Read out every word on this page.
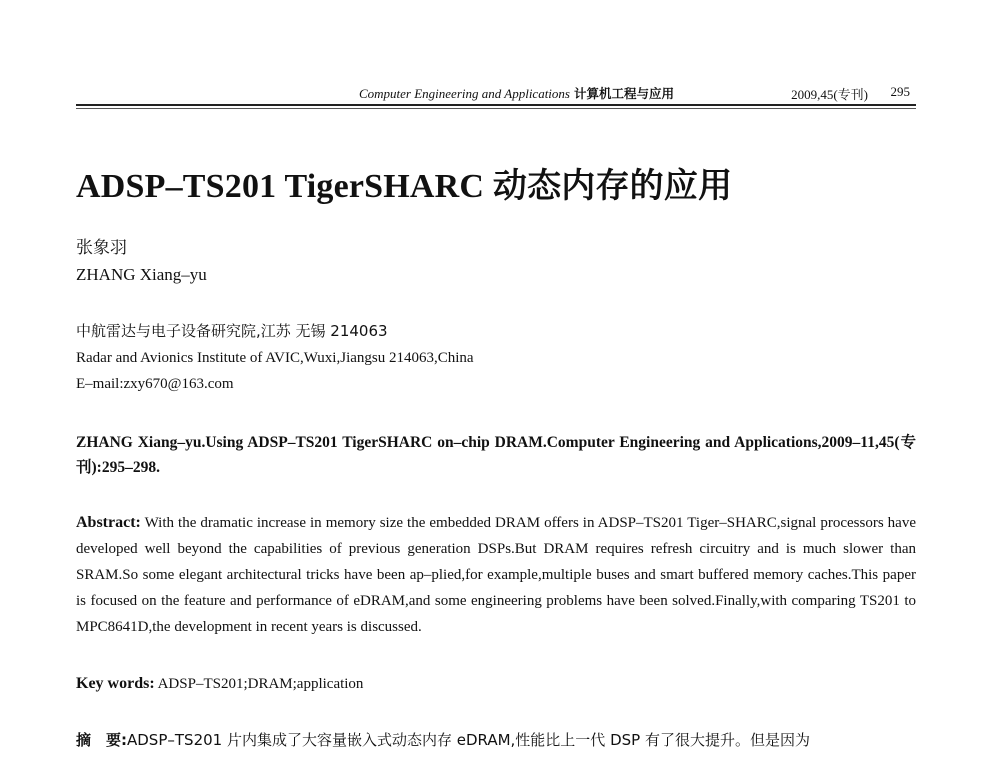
Computer Engineering and Applications 计算机工程与应用	2009,45(专刊) 295
ADSP–TS201 TigerSHARC 动态内存的应用
张象羽
ZHANG Xiang–yu
中航雷达与电子设备研究院,江苏 无锡 214063
Radar and Avionics Institute of AVIC,Wuxi,Jiangsu 214063,China
E–mail:zxy670@163.com

ZHANG Xiang–yu.Using ADSP–TS201 TigerSHARC on–chip DRAM.Computer Engineering and Applications,2009–11,45(专刊):295–298.

Abstract: With the dramatic increase in memory size the embedded DRAM offers in ADSP–TS201 Tiger–SHARC,signal processors have developed well beyond the capabilities of previous generation DSPs.But DRAM requires refresh circuitry and is much slower than SRAM.So some elegant architectural tricks have been ap–plied,for example,multiple buses and smart buffered memory caches.This paper is focused on the feature and performance of eDRAM,and some engineering problems have been solved.Finally,with comparing TS201 to MPC8641D,the development in recent years is discussed.

Key words: ADSP–TS201;DRAM;application

摘　要:ADSP–TS201 片内集成了大容量嵌入式动态内存 eDRAM,性能比上一代 DSP 有了很大提升。但是因为
